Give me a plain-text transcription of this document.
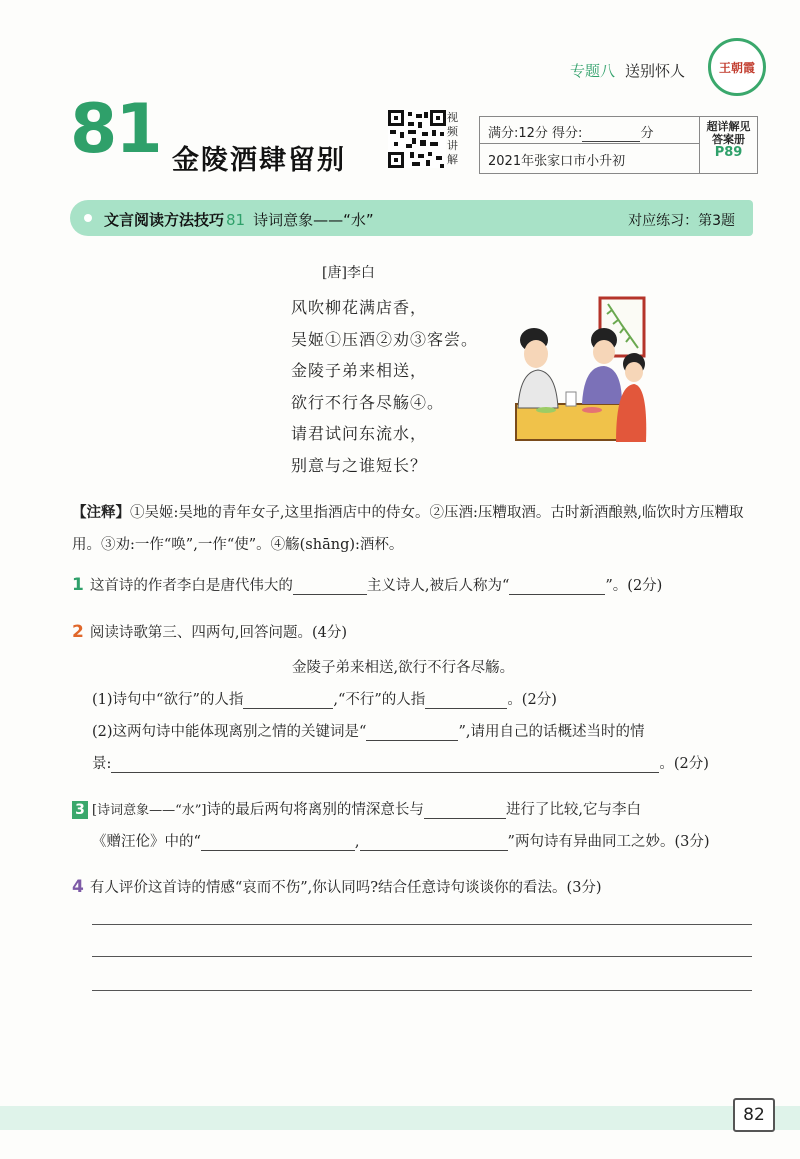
专题八 送别怀人	王朝霞
81 金陵酒肆留别
视频讲解
满分:12分 得分:	分
2021年张家口市小升初
超详解见
答案册
P89
文言阅读方法技巧 81 诗词意象——“水”	对应练习：第3题
[唐]李白
风吹柳花满店香，
吴姬①压酒②劝③客尝。
金陵子弟来相送，
欲行不行各尽觞④。
请君试问东流水，
别意与之谁短长？
【注释】①吴姬:吴地的青年女子,这里指酒店中的侍女。②压酒:压糟取酒。古时新酒酿熟,临饮时方压糟取用。③劝:一作“唤”,一作“使”。④觞(shāng):酒杯。
1 这首诗的作者李白是唐代伟大的	主义诗人,被后人称为“	”。(2分)
2 阅读诗歌第三、四两句,回答问题。(4分)
金陵子弟来相送,欲行不行各尽觞。
(1)诗句中“欲行”的人指	,“不行”的人指	。(2分)
(2)这两句诗中能体现离别之情的关键词是“	”,请用自己的话概述当时的情
景:	。(2分)
3 [诗词意象——“水”]诗的最后两句将离别的情深意长与	进行了比较,它与李白
《赠汪伦》中的“	,	”两句诗有异曲同工之妙。(3分)
4 有人评价这首诗的情感“哀而不伤”,你认同吗?结合任意诗句谈谈你的看法。(3分)
82
